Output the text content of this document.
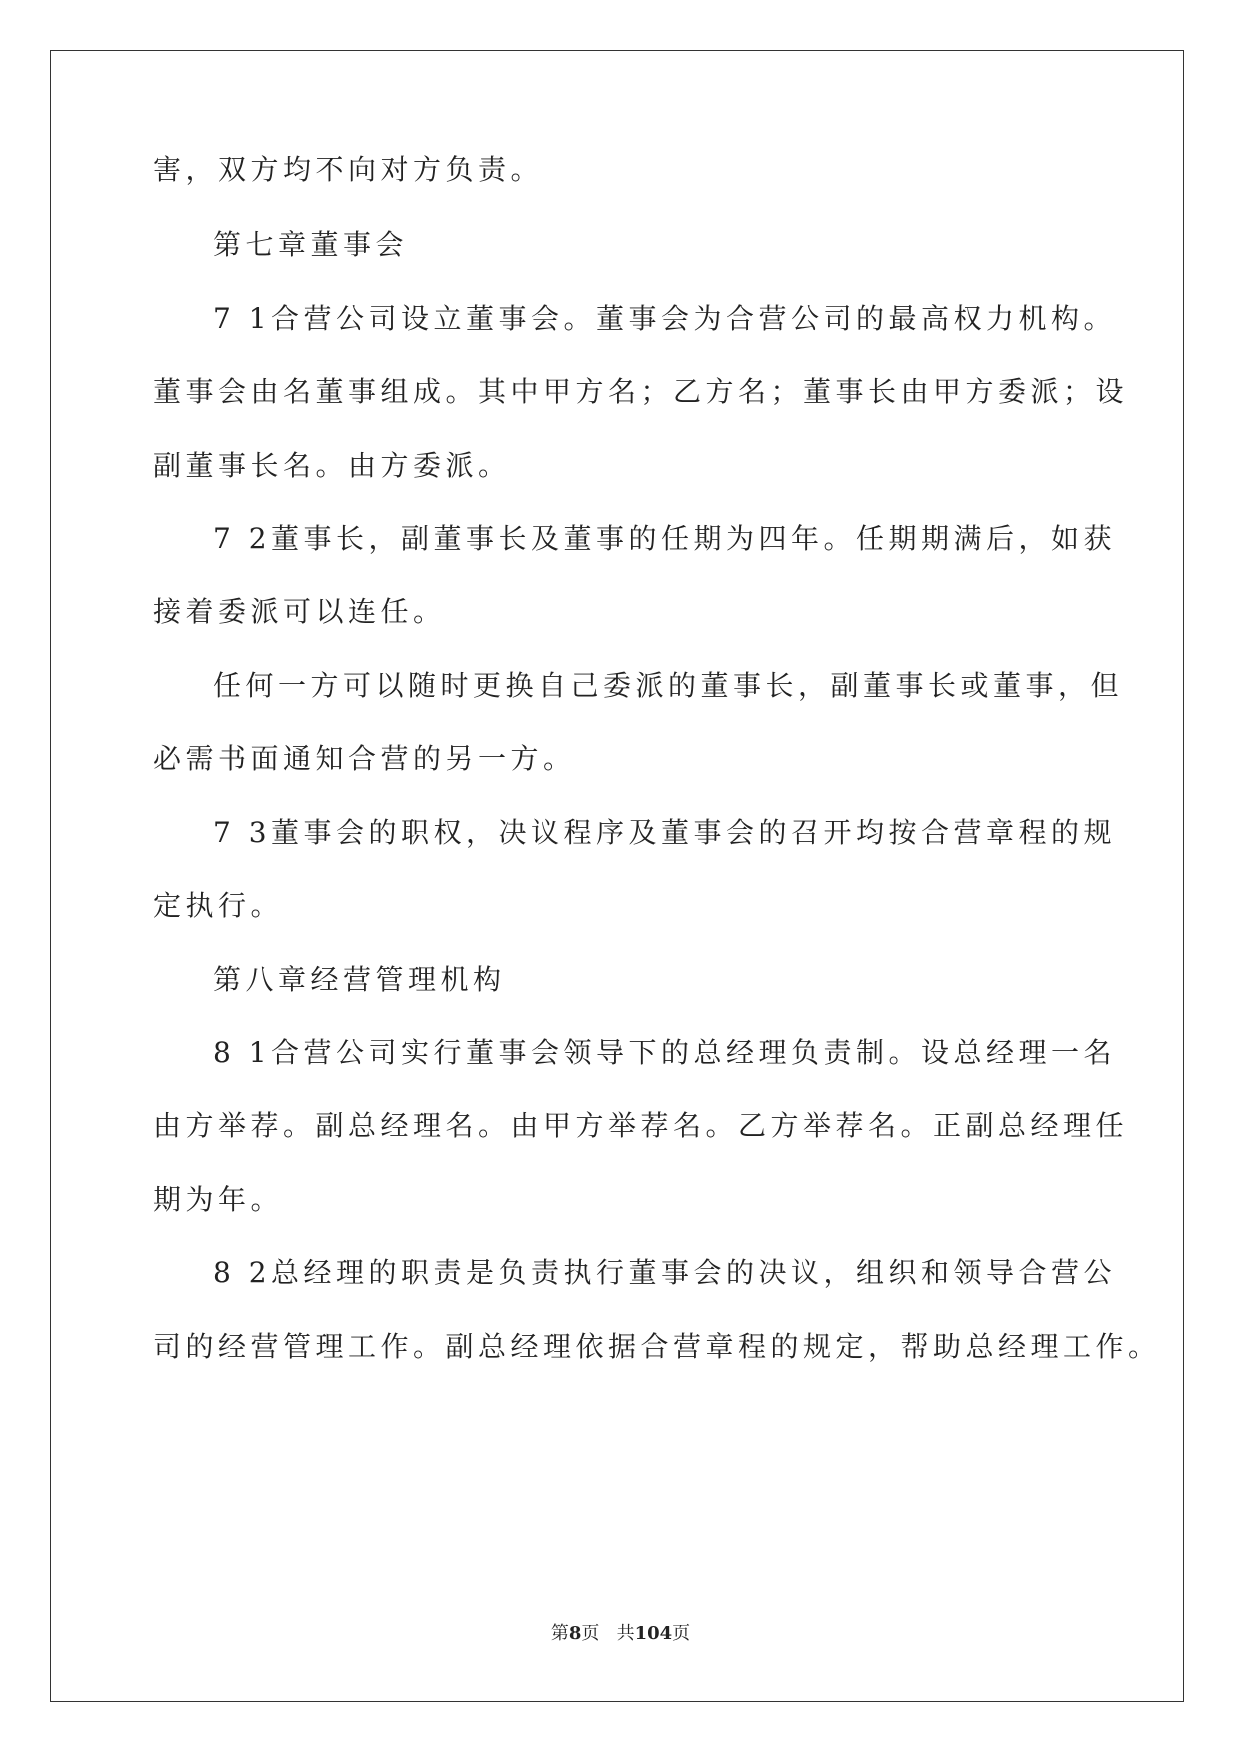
害，双方均不向对方负责。
第七章董事会
7 1合营公司设立董事会。董事会为合营公司的最高权力机构。
董事会由名董事组成。其中甲方名；乙方名；董事长由甲方委派；设
副董事长名。由方委派。
7 2董事长，副董事长及董事的任期为四年。任期期满后，如获
接着委派可以连任。
任何一方可以随时更换自己委派的董事长，副董事长或董事，但
必需书面通知合营的另一方。
7 3董事会的职权，决议程序及董事会的召开均按合营章程的规
定执行。
第八章经营管理机构
8 1合营公司实行董事会领导下的总经理负责制。设总经理一名
由方举荐。副总经理名。由甲方举荐名。乙方举荐名。正副总经理任
期为年。
8 2总经理的职责是负责执行董事会的决议，组织和领导合营公
司的经营管理工作。副总经理依据合营章程的规定，帮助总经理工作。
第8页 共104页
